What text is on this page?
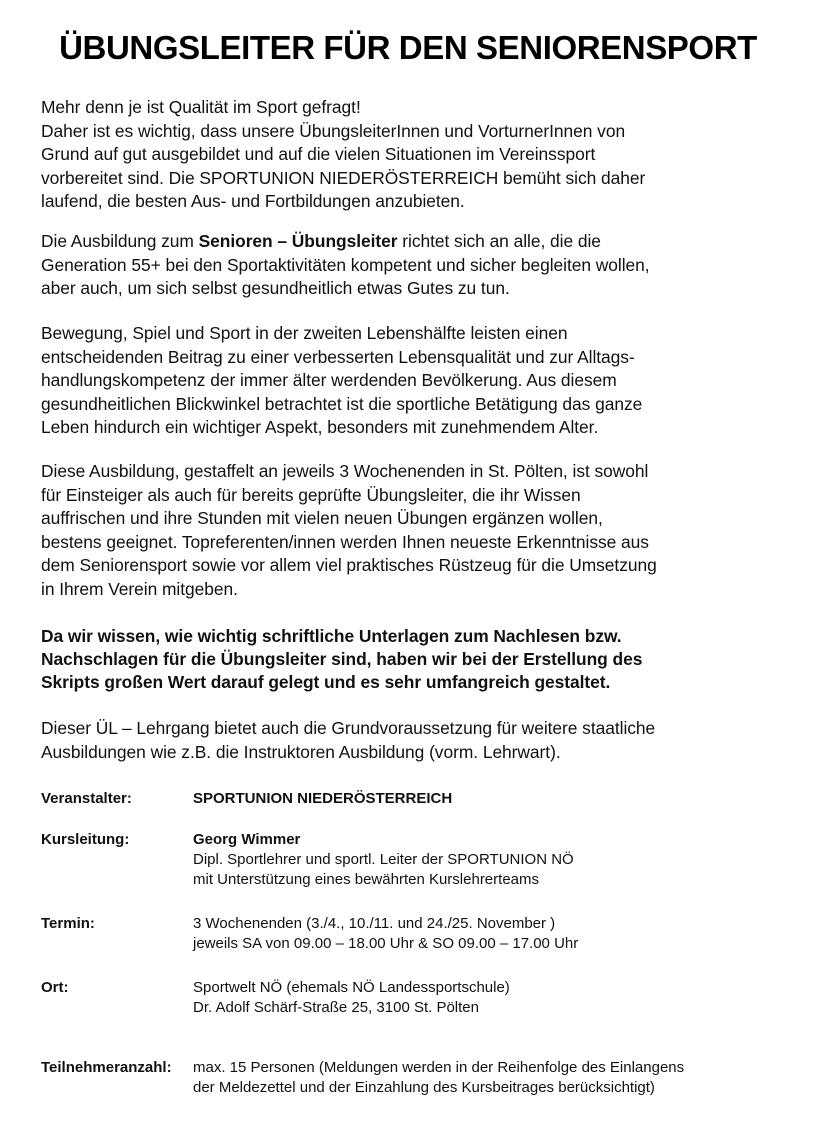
ÜBUNGSLEITER FÜR DEN SENIORENSPORT
Mehr denn je ist Qualität im Sport gefragt!
Daher ist es wichtig, dass unsere ÜbungsleiterInnen und VorturnerInnen von
Grund auf gut ausgebildet und auf die vielen Situationen im Vereinssport
vorbereitet sind. Die SPORTUNION NIEDERÖSTERREICH bemüht sich daher
laufend, die besten Aus- und Fortbildungen anzubieten.
Die Ausbildung zum Senioren – Übungsleiter richtet sich an alle, die die
Generation 55+ bei den Sportaktivitäten kompetent und sicher begleiten wollen,
aber auch, um sich selbst gesundheitlich etwas Gutes zu tun.
Bewegung, Spiel und Sport in der zweiten Lebenshälfte leisten einen
entscheidenden Beitrag zu einer verbesserten Lebensqualität und zur Alltags-
handlungskompetenz der immer älter werdenden Bevölkerung. Aus diesem
gesundheitlichen Blickwinkel betrachtet ist die sportliche Betätigung das ganze
Leben hindurch ein wichtiger Aspekt, besonders mit zunehmendem Alter.
Diese Ausbildung, gestaffelt an jeweils 3 Wochenenden in St. Pölten, ist sowohl
für Einsteiger als auch für bereits geprüfte Übungsleiter, die ihr Wissen
auffrischen und ihre Stunden mit vielen neuen Übungen ergänzen wollen,
bestens geeignet. Topreferenten/innen werden Ihnen neueste Erkenntnisse aus
dem Seniorensport sowie vor allem viel praktisches Rüstzeug für die Umsetzung
in Ihrem Verein mitgeben.
Da wir wissen, wie wichtig schriftliche Unterlagen zum Nachlesen bzw.
Nachschlagen für die Übungsleiter sind, haben wir bei der Erstellung des
Skripts großen Wert darauf gelegt und es sehr umfangreich gestaltet.
Dieser ÜL – Lehrgang bietet auch die Grundvoraussetzung für weitere staatliche
Ausbildungen wie z.B. die Instruktoren Ausbildung (vorm. Lehrwart).
Veranstalter:	SPORTUNION NIEDERÖSTERREICH
Kursleitung:	Georg Wimmer
Dipl. Sportlehrer und sportl. Leiter der SPORTUNION NÖ
mit Unterstützung eines bewährten Kurslehrerteams
Termin:	3 Wochenenden (3./4., 10./11. und 24./25. November )
jeweils SA von 09.00 – 18.00 Uhr & SO 09.00 – 17.00 Uhr
Ort:	Sportwelt NÖ (ehemals NÖ Landessportschule)
Dr. Adolf Schärf-Straße 25, 3100 St. Pölten
Teilnehmeranzahl: max. 15 Personen (Meldungen werden in der Reihenfolge des Einlangens
der Meldezettel und der Einzahlung des Kursbeitrages berücksichtigt)
